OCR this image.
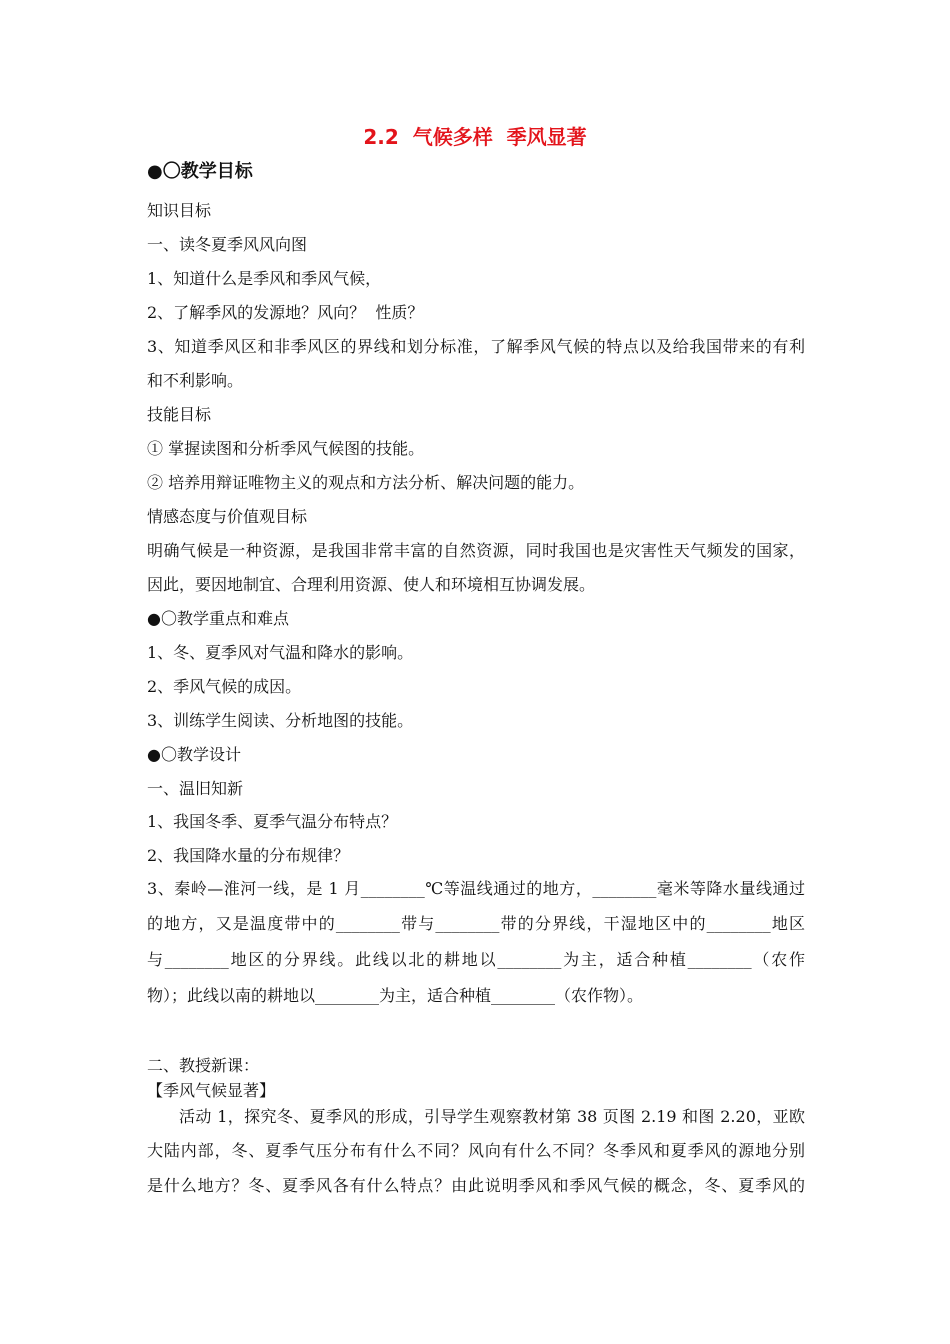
2.2  气候多样  季风显著
●〇教学目标
知识目标
一、读冬夏季风风向图
1、知道什么是季风和季风气候，
2、了解季风的发源地？风向？  性质？
3、知道季风区和非季风区的界线和划分标准，了解季风气候的特点以及给我国带来的有利
和不利影响。
技能目标
① 掌握读图和分析季风气候图的技能。
② 培养用辩证唯物主义的观点和方法分析、解决问题的能力。
情感态度与价值观目标
明确气候是一种资源，是我国非常丰富的自然资源，同时我国也是灾害性天气频发的国家，
因此，要因地制宜、合理利用资源、使人和环境相互协调发展。
●〇教学重点和难点
1、冬、夏季风对气温和降水的影响。
2、季风气候的成因。
3、训练学生阅读、分析地图的技能。
●〇教学设计
一、温旧知新
1、我国冬季、夏季气温分布特点？
2、我国降水量的分布规律？
3、秦岭—淮河一线，是 1 月________℃等温线通过的地方，________毫米等降水量线通过
的地方，又是温度带中的________带与________带的分界线，干湿地区中的________地区
与________地区的分界线。此线以北的耕地以________为主，适合种植________（农作
物）；此线以南的耕地以________为主，适合种植________（农作物）。
二、教授新课：
【季风气候显著】
活动 1，探究冬、夏季风的形成，引导学生观察教材第 38 页图 2.19 和图 2.20，亚欧
大陆内部，冬、夏季气压分布有什么不同？风向有什么不同？冬季风和夏季风的源地分别
是什么地方？冬、夏季风各有什么特点？由此说明季风和季风气候的概念，冬、夏季风的
